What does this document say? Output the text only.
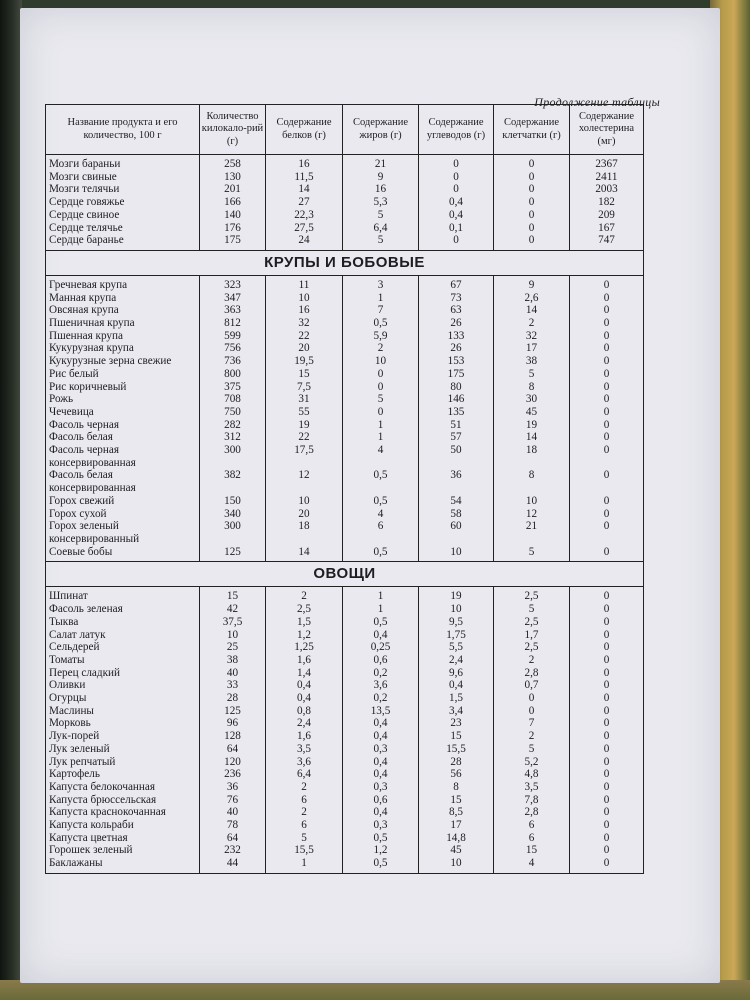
Продолжение таблицы
Название продукта и его количество, 100 г	Количество килокало-рий (г)	Содержание белков (г)	Содержание жиров (г)	Содержание углеводов (г)	Содержание клетчатки (г)	Содержание холестерина (мг)
Мозги бараньи	258	16	21	0	0	2367
Мозги свиные	130	11,5	9	0	0	2411
Мозги телячьи	201	14	16	0	0	2003
Сердце говяжье	166	27	5,3	0,4	0	182
Сердце свиное	140	22,3	5	0,4	0	209
Сердце телячье	176	27,5	6,4	0,1	0	167
Сердце баранье	175	24	5	0	0	747
КРУПЫ И БОБОВЫЕ						
Гречневая крупа	323	11	3	67	9	0
Манная крупа	347	10	1	73	2,6	0
Овсяная крупа	363	16	7	63	14	0
Пшеничная крупа	812	32	0,5	26	2	0
Пшенная крупа	599	22	5,9	133	32	0
Кукурузная крупа	756	20	2	26	17	0
Кукурузные зерна свежие	736	19,5	10	153	38	0
Рис белый	800	15	0	175	5	0
Рис коричневый	375	7,5	0	80	8	0
Рожь	708	31	5	146	30	0
Чечевица	750	55	0	135	45	0
Фасоль черная	282	19	1	51	19	0
Фасоль белая	312	22	1	57	14	0
Фасоль черная
консервированная	300	17,5	4	50	18	0
Фасоль белая
консервированная	382	12	0,5	36	8	0
Горох свежий	150	10	0,5	54	10	0
Горох сухой	340	20	4	58	12	0
Горох зеленый
консервированный	300	18	6	60	21	0
Соевые бобы	125	14	0,5	10	5	0
ОВОЩИ						
Шпинат	15	2	1	19	2,5	0
Фасоль зеленая	42	2,5	1	10	5	0
Тыква	37,5	1,5	0,5	9,5	2,5	0
Салат латук	10	1,2	0,4	1,75	1,7	0
Сельдерей	25	1,25	0,25	5,5	2,5	0
Томаты	38	1,6	0,6	2,4	2	0
Перец сладкий	40	1,4	0,2	9,6	2,8	0
Оливки	33	0,4	3,6	0,4	0,7	0
Огурцы	28	0,4	0,2	1,5	0	0
Маслины	125	0,8	13,5	3,4	0	0
Морковь	96	2,4	0,4	23	7	0
Лук-порей	128	1,6	0,4	15	2	0
Лук зеленый	64	3,5	0,3	15,5	5	0
Лук репчатый	120	3,6	0,4	28	5,2	0
Картофель	236	6,4	0,4	56	4,8	0
Капуста белокочанная	36	2	0,3	8	3,5	0
Капуста брюссельская	76	6	0,6	15	7,8	0
Капуста краснокочанная	40	2	0,4	8,5	2,8	0
Капуста кольраби	78	6	0,3	17	6	0
Капуста цветная	64	5	0,5	14,8	6	0
Горошек зеленый	232	15,5	1,2	45	15	0
Баклажаны	44	1	0,5	10	4	0
